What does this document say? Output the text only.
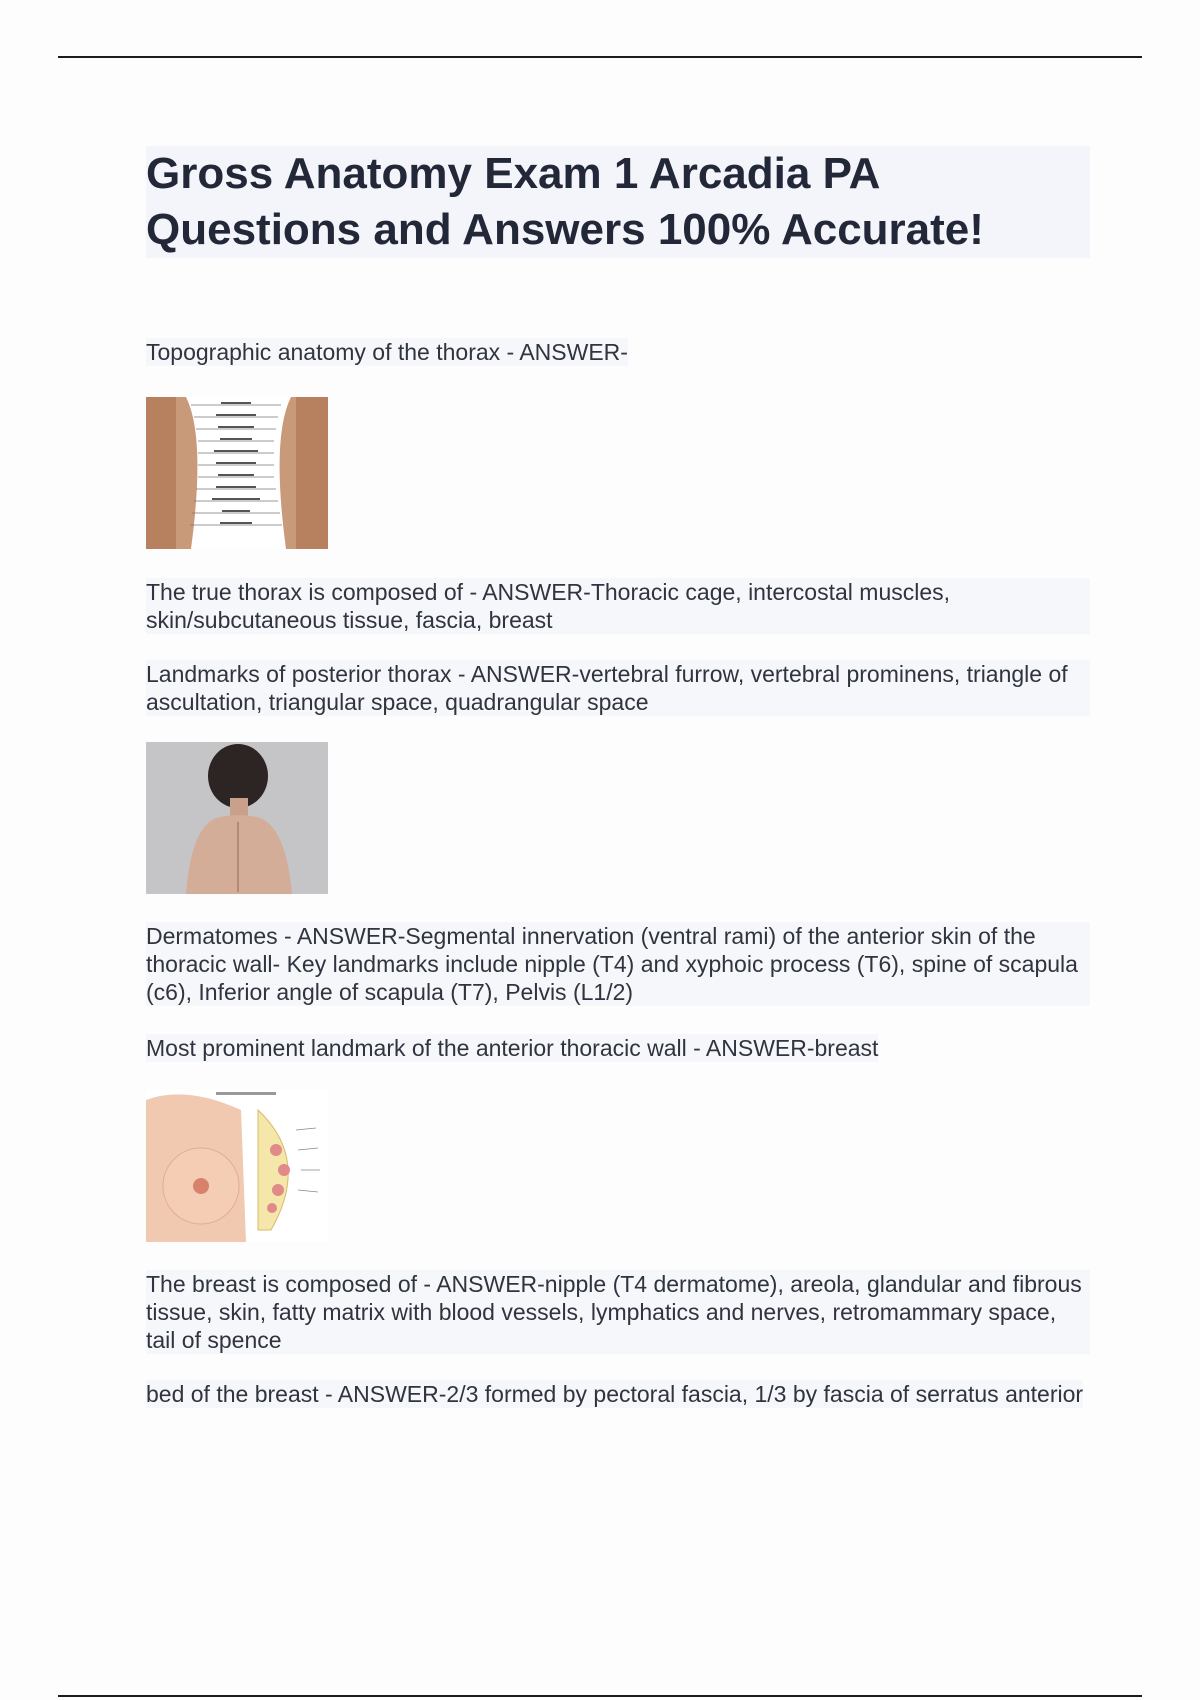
Gross Anatomy Exam 1 Arcadia PA
Questions and Answers 100% Accurate!
Topographic anatomy of the thorax - ANSWER-
The true thorax is composed of - ANSWER-Thoracic cage, intercostal muscles, skin/subcutaneous tissue, fascia, breast
Landmarks of posterior thorax - ANSWER-vertebral furrow, vertebral prominens, triangle of ascultation, triangular space, quadrangular space
Dermatomes - ANSWER-Segmental innervation (ventral rami) of the anterior skin of the thoracic wall- Key landmarks include nipple (T4) and xyphoic process (T6), spine of scapula (c6), Inferior angle of scapula (T7), Pelvis (L1/2)
Most prominent landmark of the anterior thoracic wall - ANSWER-breast
The breast is composed of - ANSWER-nipple (T4 dermatome), areola, glandular and fibrous tissue, skin, fatty matrix with blood vessels, lymphatics and nerves, retromammary space, tail of spence
bed of the breast - ANSWER-2/3 formed by pectoral fascia, 1/3 by fascia of serratus anterior
